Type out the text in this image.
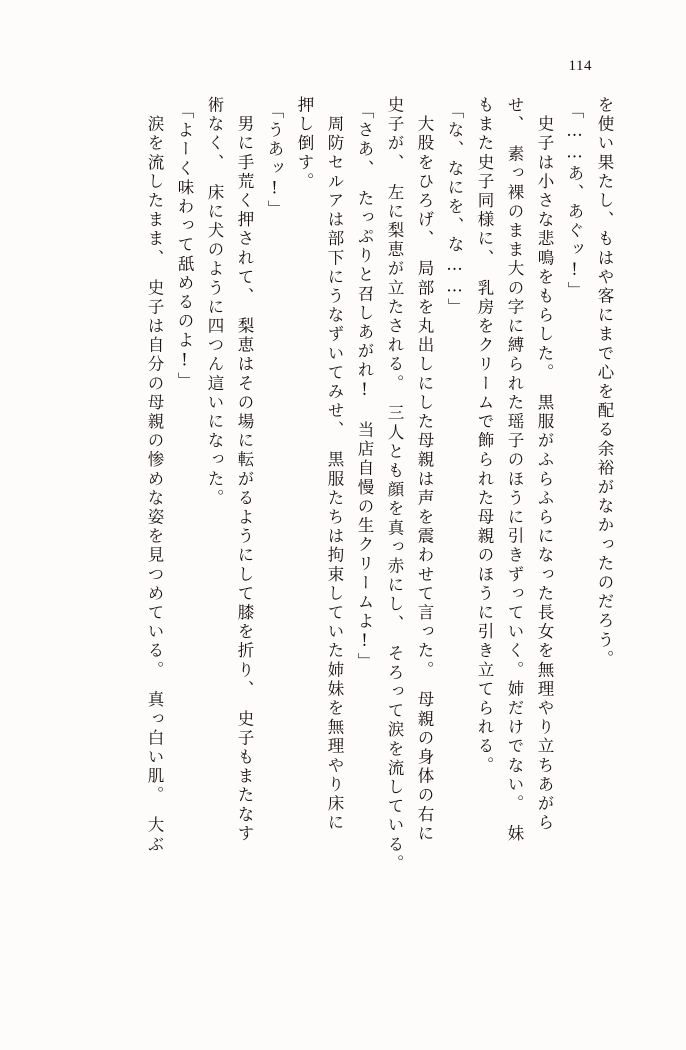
114
を使い果たし、もはや客にまで心を配る余裕がなかったのだろう。
「……あ、あぐッ!」
　史子は小さな悲鳴をもらした。　黒服がふらふらになった長女を無理やり立ちあがら
せ、　素っ裸のまま大の字に縛られた瑶子のほうに引きずっていく。姉だけでない。　妹
もまた史子同様に、　乳房をクリームで飾られた母親のほうに引き立てられる。
「な、なにを、な……」
　大股をひろげ、　局部を丸出しにした母親は声を震わせて言った。　母親の身体の右に
史子が、　左に梨恵が立たされる。　三人とも顔を真っ赤にし、　そろって涙を流している。
「さあ、　たっぷりと召しあがれ!　当店自慢の生クリームよ!」
　周防セルアは部下にうなずいてみせ、　黒服たちは拘束していた姉妹を無理やり床に
押し倒す。
「うあッ!」
　男に手荒く押されて、　梨恵はその場に転がるようにして膝を折り、　史子もまたなす
術なく、　床に犬のように四つん這いになった。
「よーく味わって舐めるのよ!」
　涙を流したまま、　史子は自分の母親の惨めな姿を見つめている。　真っ白い肌。　大ぶ
